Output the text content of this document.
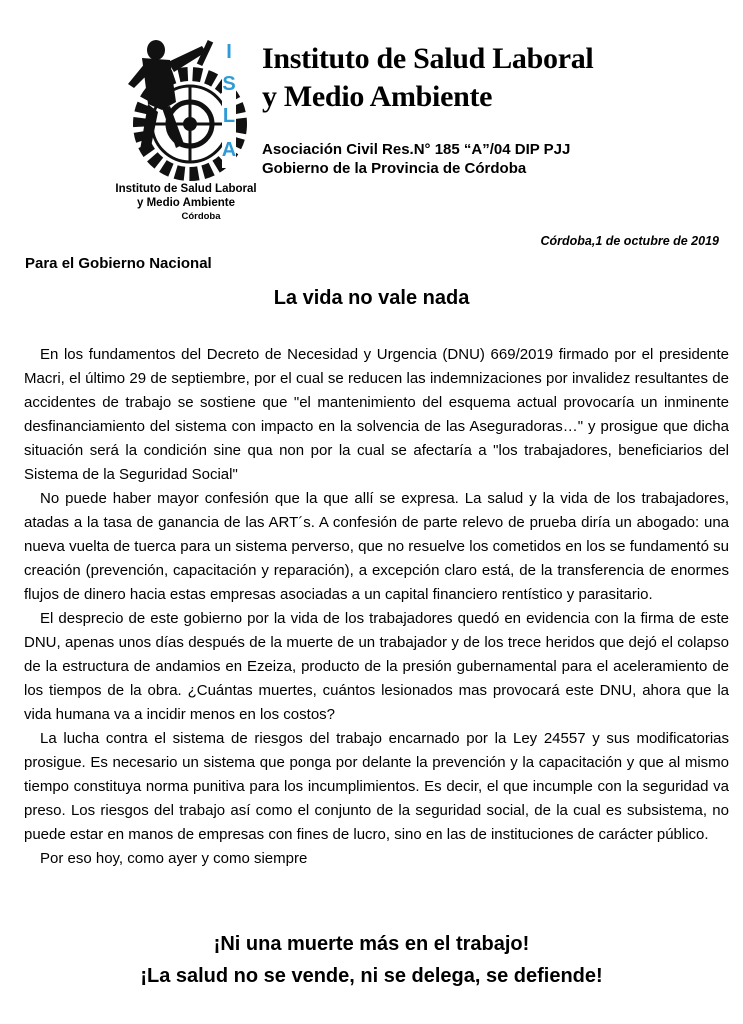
I
S
L
A
Instituto de Salud Laboral
y Medio Ambiente
Córdoba
Instituto de Salud Laboral
y Medio Ambiente
Asociación Civil Res.N° 185 “A”/04 DIP PJJ
Gobierno de la Provincia de Córdoba
Córdoba,1 de octubre de 2019
Para el Gobierno Nacional
La vida no vale nada

En los fundamentos del Decreto de Necesidad y Urgencia (DNU) 669/2019 firmado por el presidente Macri, el último 29 de septiembre, por el cual se reducen las indemnizaciones por invalidez resultantes de accidentes de trabajo se sostiene que "el mantenimiento del esquema actual provocaría un inminente desfinanciamiento del sistema con impacto en la solvencia de las Aseguradoras…" y prosigue que dicha situación será la condición sine qua non por la cual se afectaría a "los trabajadores, beneficiarios del Sistema de la Seguridad Social"

No puede haber mayor confesión que la que allí se expresa. La salud y la vida de los trabajadores, atadas a la tasa de ganancia de las ART´s. A confesión de parte relevo de prueba diría un abogado: una nueva vuelta de tuerca para un sistema perverso, que no resuelve los cometidos en los se fundamentó su creación (prevención, capacitación y reparación), a excepción claro está, de la transferencia de enormes flujos de dinero hacia estas empresas asociadas a un capital financiero rentístico y parasitario.

El desprecio de este gobierno por la vida de los trabajadores quedó en evidencia con la firma de este DNU, apenas unos días después de la muerte de un trabajador y de los trece heridos que dejó el colapso de la estructura de andamios en Ezeiza, producto de la presión gubernamental para el aceleramiento de los tiempos de la obra. ¿Cuántas muertes, cuántos lesionados mas provocará este DNU, ahora que la vida humana va a incidir menos en los costos?

La lucha contra el sistema de riesgos del trabajo encarnado por la Ley 24557 y sus modificatorias prosigue. Es necesario un sistema que ponga por delante la prevención y la capacitación y que al mismo tiempo constituya norma punitiva para los incumplimientos. Es decir, el que incumple con la seguridad va preso. Los riesgos del trabajo así como el conjunto de la seguridad social, de la cual es subsistema, no puede estar en manos de empresas con fines de lucro, sino en las de instituciones de carácter público.

Por eso hoy, como ayer y como siempre

¡Ni una muerte más en el trabajo!
¡La salud no se vende, ni se delega, se defiende!
